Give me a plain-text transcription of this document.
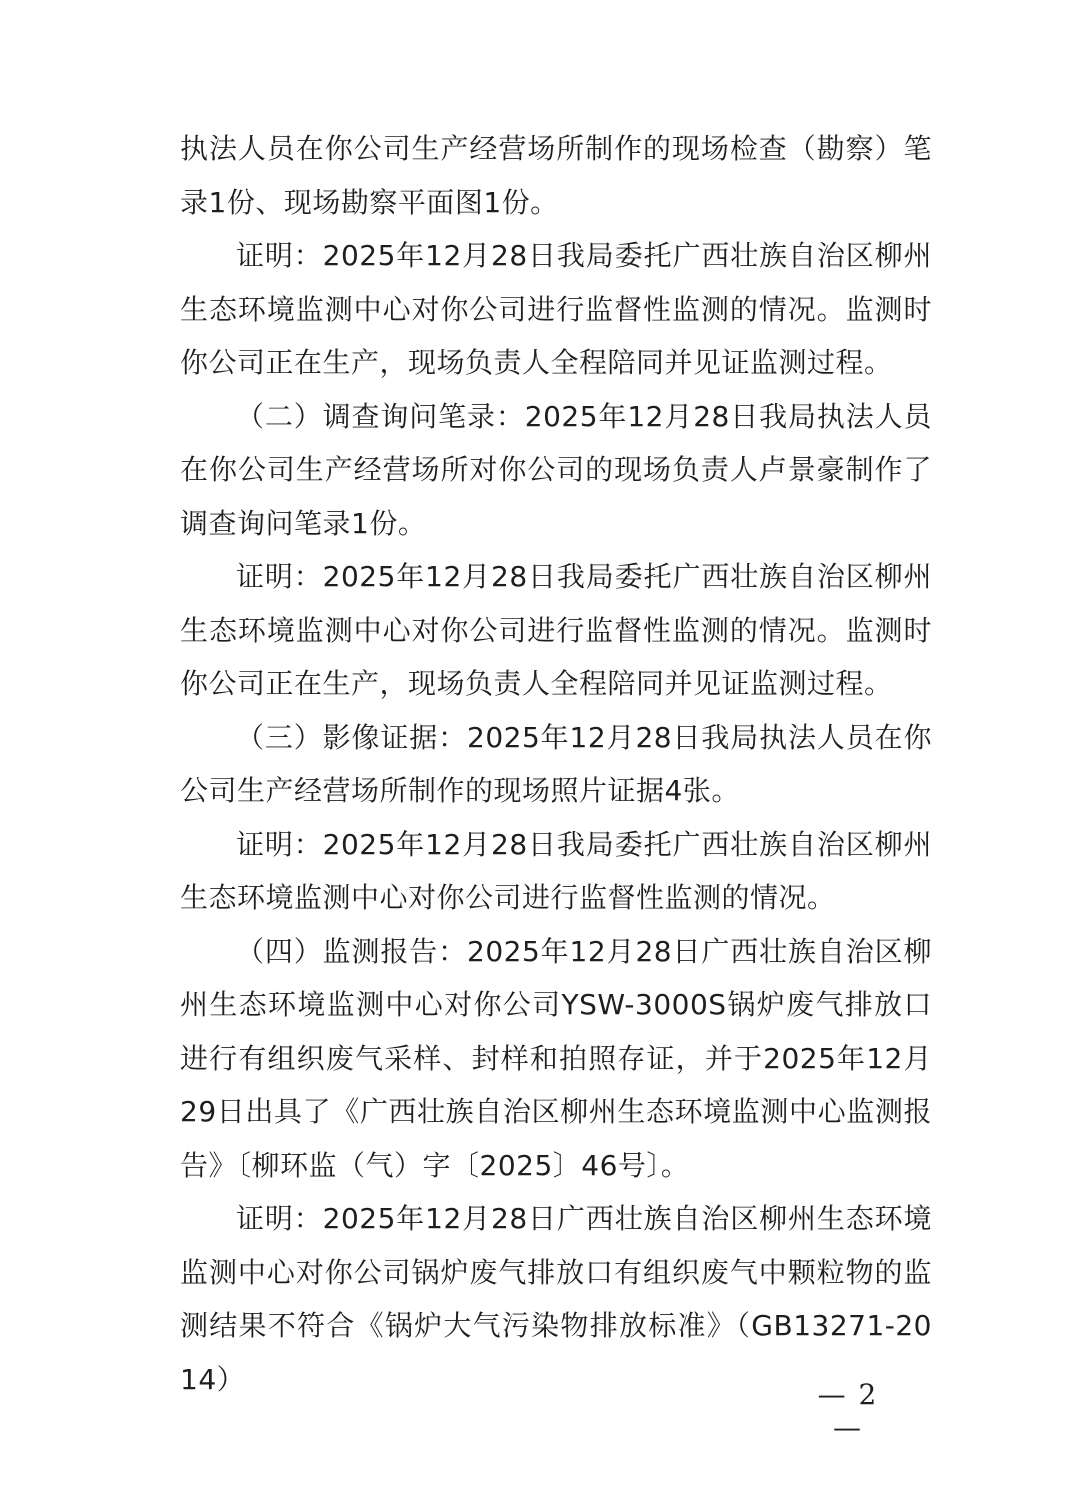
执法人员在你公司生产经营场所制作的现场检查（勘察）笔录1份、现场勘察平面图1份。

证明：2025年12月28日我局委托广西壮族自治区柳州生态环境监测中心对你公司进行监督性监测的情况。监测时你公司正在生产，现场负责人全程陪同并见证监测过程。

（二）调查询问笔录：2025年12月28日我局执法人员在你公司生产经营场所对你公司的现场负责人卢景豪制作了调查询问笔录1份。

证明：2025年12月28日我局委托广西壮族自治区柳州生态环境监测中心对你公司进行监督性监测的情况。监测时你公司正在生产，现场负责人全程陪同并见证监测过程。

（三）影像证据：2025年12月28日我局执法人员在你公司生产经营场所制作的现场照片证据4张。

证明：2025年12月28日我局委托广西壮族自治区柳州生态环境监测中心对你公司进行监督性监测的情况。

（四）监测报告：2025年12月28日广西壮族自治区柳州生态环境监测中心对你公司YSW-3000S锅炉废气排放口进行有组织废气采样、封样和拍照存证，并于2025年12月29日出具了《广西壮族自治区柳州生态环境监测中心监测报告》〔柳环监（气）字〔2025〕46号〕。

证明：2025年12月28日广西壮族自治区柳州生态环境监测中心对你公司锅炉废气排放口有组织废气中颗粒物的监测结果不符合《锅炉大气污染物排放标准》（GB13271-2014）	— 2 —
